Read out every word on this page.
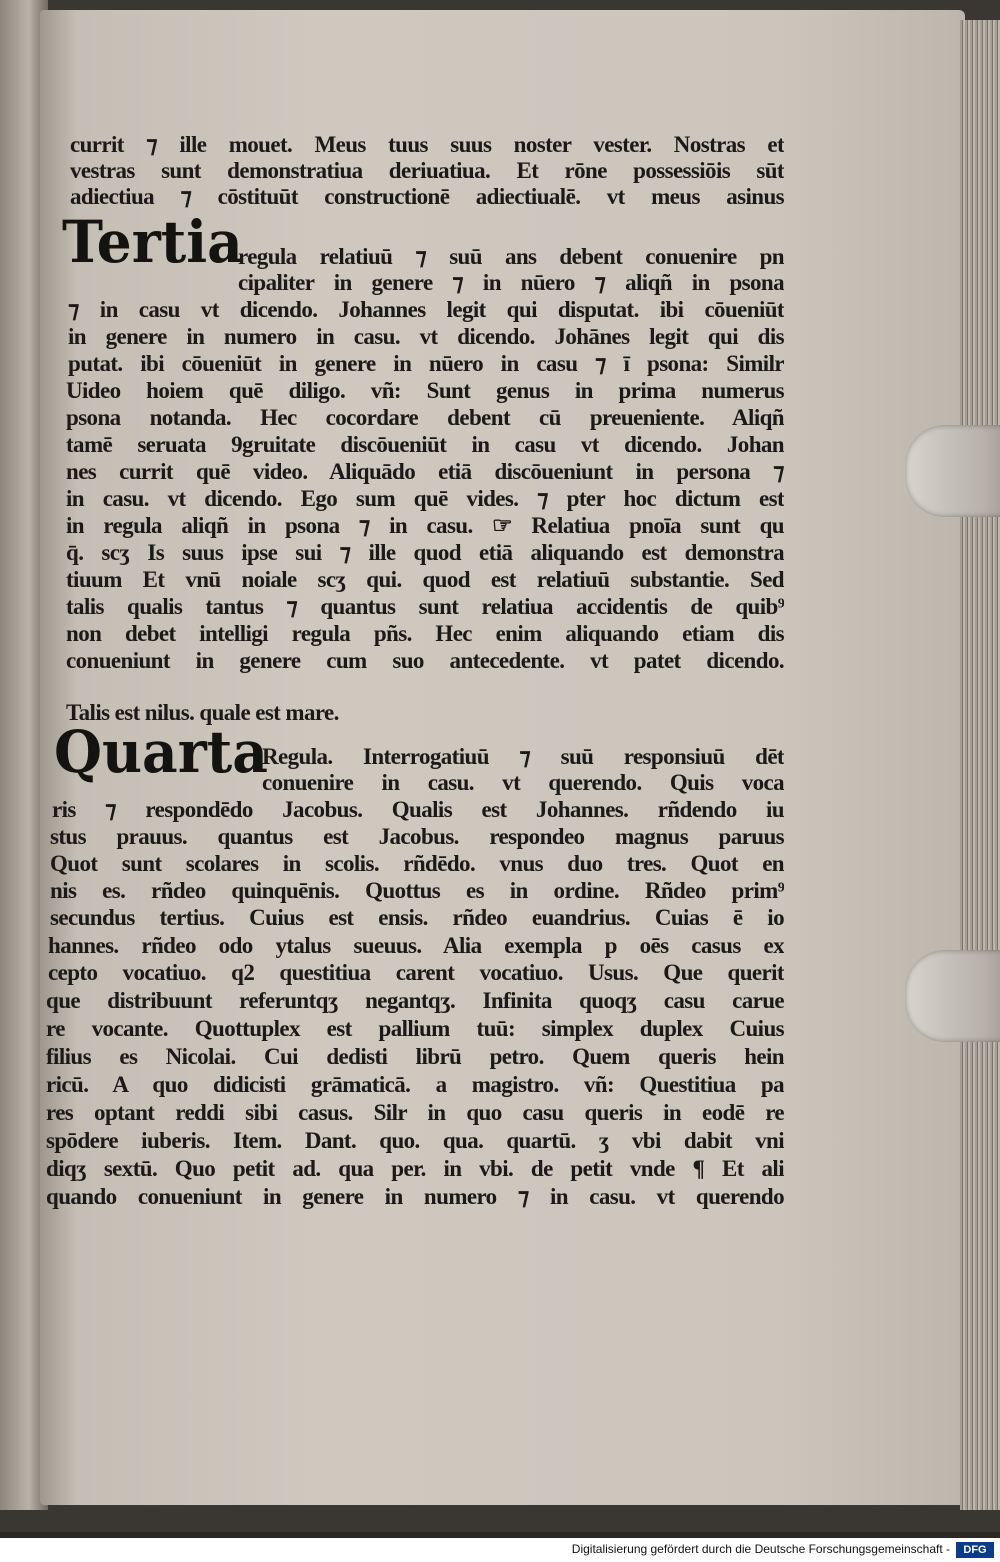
Tertia
Quarta
currit ⁊ ille mouet. Meus tuus suus noster vester. Nostras et
vestras sunt demonstratiua deriuatiua. Et rōne possessiōis sūt
adiectiua ⁊ cōstituūt constructionē adiectiualē. vt meus asinus
regula relatiuū ⁊ suū ans debent conuenire pn
cipaliter in genere ⁊ in nūero ⁊ aliqñ in psona
⁊ in casu vt dicendo. Johannes legit qui disputat. ibi cōueniūt
in genere in numero in casu. vt dicendo. Johānes legit qui dis
putat. ibi cōueniūt in genere in nūero in casu ⁊ ī psona: Similr
Uideo hoiem quē diligo. vñ: Sunt genus in prima numerus
psona notanda. Hec cocordare debent cū preueniente. Aliqñ
tamē seruata 9gruitate discōueniūt in casu vt dicendo. Johan
nes currit quē video. Aliquādo etiā discōueniunt in persona ⁊
in casu. vt dicendo. Ego sum quē vides. ⁊ pter hoc dictum est
in regula aliqñ in psona ⁊ in casu. ☞ Relatiua pnoīa sunt qu
q̄. scʒ Is suus ipse sui ⁊ ille quod etiā aliquando est demonstra
tiuum Et vnū noiale scʒ qui. quod est relatiuū substantie. Sed
talis qualis tantus ⁊ quantus sunt relatiua accidentis de quib⁹
non debet intelligi regula pñs. Hec enim aliquando etiam dis
conueniunt in genere cum suo antecedente. vt patet dicendo.
Talis est nilus. quale est mare.
Regula. Interrogatiuū ⁊ suū responsiuū dēt
conuenire in casu. vt querendo. Quis voca
ris ⁊ respondēdo Jacobus. Qualis est Johannes. rñdendo iu
stus prauus. quantus est Jacobus. respondeo magnus paruus
Quot sunt scolares in scolis. rñdēdo. vnus duo tres. Quot en
nis es. rñdeo quinquēnis. Quottus es in ordine. Rñdeo prim⁹
secundus tertius. Cuius est ensis. rñdeo euandrius. Cuias ē io
hannes. rñdeo odo ytalus sueuus. Alia exempla p oēs casus ex
cepto vocatiuo. q2 questitiua carent vocatiuo. Usus. Que querit
que distribuunt referuntqʒ negantqʒ. Infinita quoqʒ casu carue
re vocante. Quottuplex est pallium tuū: simplex duplex Cuius
filius es Nicolai. Cui dedisti librū petro. Quem queris hein
ricū. A quo didicisti grāmaticā. a magistro. vñ: Questitiua pa
res optant reddi sibi casus. Silr in quo casu queris in eodē re
spōdere iuberis. Item. Dant. quo. qua. quartū. ʒ vbi dabit vni
diqʒ sextū. Quo petit ad. qua per. in vbi. de petit vnde ¶ Et ali
quando conueniunt in genere in numero ⁊ in casu. vt querendo
Digitalisierung gefördert durch die Deutsche Forschungsgemeinschaft -	DFG
